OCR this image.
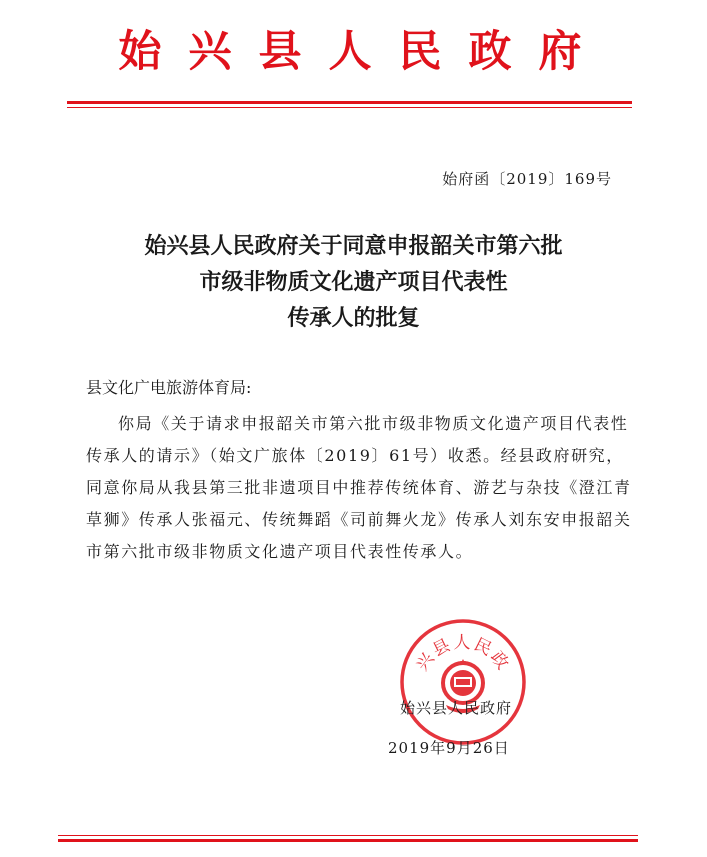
始兴县人民政府
始府函〔2019〕169号
始兴县人民政府关于同意申报韶关市第六批
市级非物质文化遗产项目代表性
传承人的批复
县文化广电旅游体育局:

你局《关于请求申报韶关市第六批市级非物质文化遗产项目代表性传承人的请示》（始文广旅体〔2019〕61号）收悉。经县政府研究，同意你局从我县第三批非遗项目中推荐传统体育、游艺与杂技《澄江青草狮》传承人张福元、传统舞蹈《司前舞火龙》传承人刘东安申报韶关市第六批市级非物质文化遗产项目代表性传承人。

兴县人民政
始兴县人民政府
2019年9月26日
